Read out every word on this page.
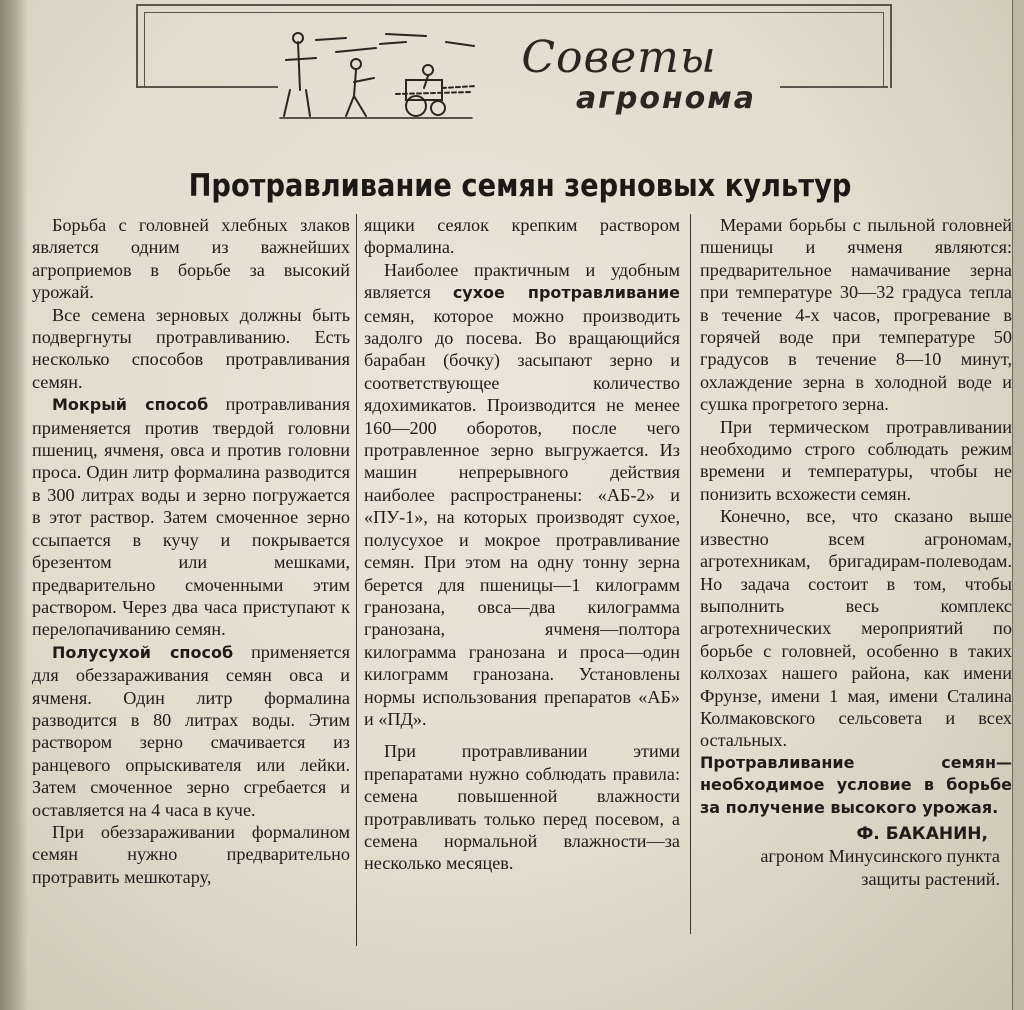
Советы
агронома
Протравливание семян зерновых культур

Борьба с головней хлебных злаков является одним из важнейших агроприемов в борьбе за высокий урожай.

Все семена зерновых должны быть подвергнуты протравливанию. Есть несколько способов протравливания семян.

Мокрый способ протравливания применяется против твердой головни пшениц, ячменя, овса и против головни проса. Один литр формалина разводится в 300 литрах воды и зерно погружается в этот раствор. Затем смоченное зерно ссыпается в кучу и покрывается брезентом или мешками, предварительно смоченными этим раствором. Через два часа приступают к перелопачиванию семян.

Полусухой способ применяется для обеззараживания семян овса и ячменя. Один литр формалина разводится в 80 литрах воды. Этим раствором зерно смачивается из ранцевого опрыскивателя или лейки. Затем смоченное зерно сгребается и оставляется на 4 часа в куче.

При обеззараживании формалином семян нужно предварительно протравить мешкотару,

ящики сеялок крепким раствором формалина.

Наиболее практичным и удобным является сухое протравливание семян, которое можно производить задолго до посева. Во вращающийся барабан (бочку) засыпают зерно и соответствующее количество ядохимикатов. Производится не менее 160—200 оборотов, после чего протравленное зерно выгружается. Из машин непрерывного действия наиболее распространены: «АБ-2» и «ПУ-1», на которых производят сухое, полусухое и мокрое протравливание семян. При этом на одну тонну зерна берется для пшеницы—1 килограмм гранозана, овса—два килограмма гранозана, ячменя—полтора килограмма гранозана и проса—один килограмм гранозана. Установлены нормы использования препаратов «АБ» и «ПД».

При протравливании этими препаратами нужно соблюдать правила: семена повышенной влажности протравливать только перед посевом, а семена нормальной влажности—за несколько месяцев.

Мерами борьбы с пыльной головней пшеницы и ячменя являются: предварительное намачивание зерна при температуре 30—32 градуса тепла в течение 4-х часов, прогревание в горячей воде при температуре 50 градусов в течение 8—10 минут, охлаждение зерна в холодной воде и сушка прогретого зерна.

При термическом протравливании необходимо строго соблюдать режим времени и температуры, чтобы не понизить всхожести семян.

Конечно, все, что сказано выше известно всем агрономам, агротехникам, бригадирам-полеводам. Но задача состоит в том, чтобы выполнить весь комплекс агротехнических мероприятий по борьбе с головней, особенно в таких колхозах нашего района, как имени Фрунзе, имени 1 мая, имени Сталина Колмаковского сельсовета и всех остальных.

Протравливание семян—необходимое условие в борьбе за получение высокого урожая.

Ф. БАКАНИН,
агроном Минусинского пункта защиты растений.
